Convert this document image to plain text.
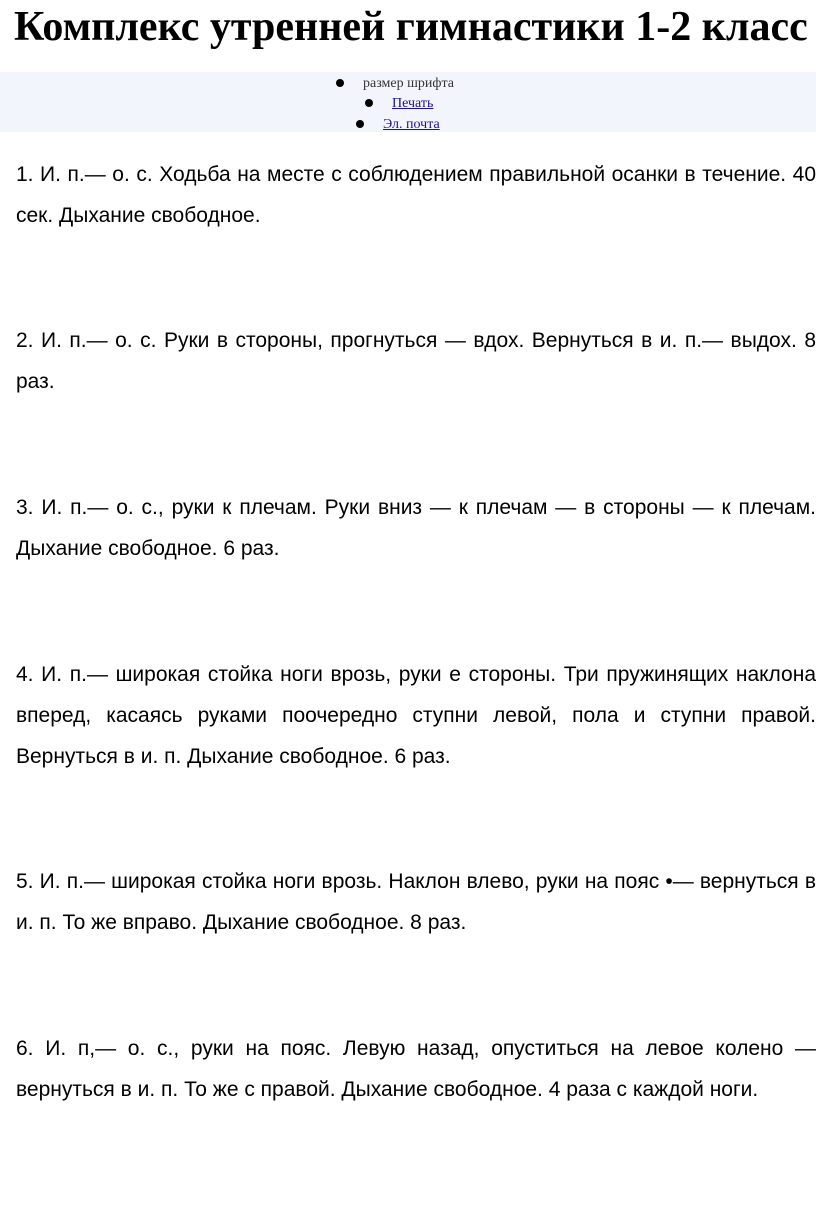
Комплекс утренней гимнастики 1-2 класс
размер шрифта
Печать
Эл. почта

1. И. п.— о. с. Ходьба на месте с соблюдением правильной осанки в течение. 40 сек. Дыхание свободное.

2. И. п.— о. с. Руки в стороны, прогнуться — вдох. Вернуться в и. п.— выдох. 8 раз.

3. И. п.— о. с., руки к плечам. Руки вниз — к плечам — в стороны — к плечам. Дыхание свободное. 6 раз.

4. И. п.— широкая стойка ноги врозь, руки е стороны. Три пружинящих наклона вперед, касаясь руками поочередно ступни левой, пола и ступни правой. Вернуться в и. п. Дыхание свободное. 6 раз.

5. И. п.— широкая стойка ноги врозь. Наклон влево, руки на пояс •— вернуться в и. п. То же вправо. Дыхание свободное. 8 раз.

6. И. п,— о. с., руки на пояс. Левую назад, опуститься на левое колено — вернуться в и. п. То же с правой. Дыхание свободное. 4 раза с каждой ноги.
